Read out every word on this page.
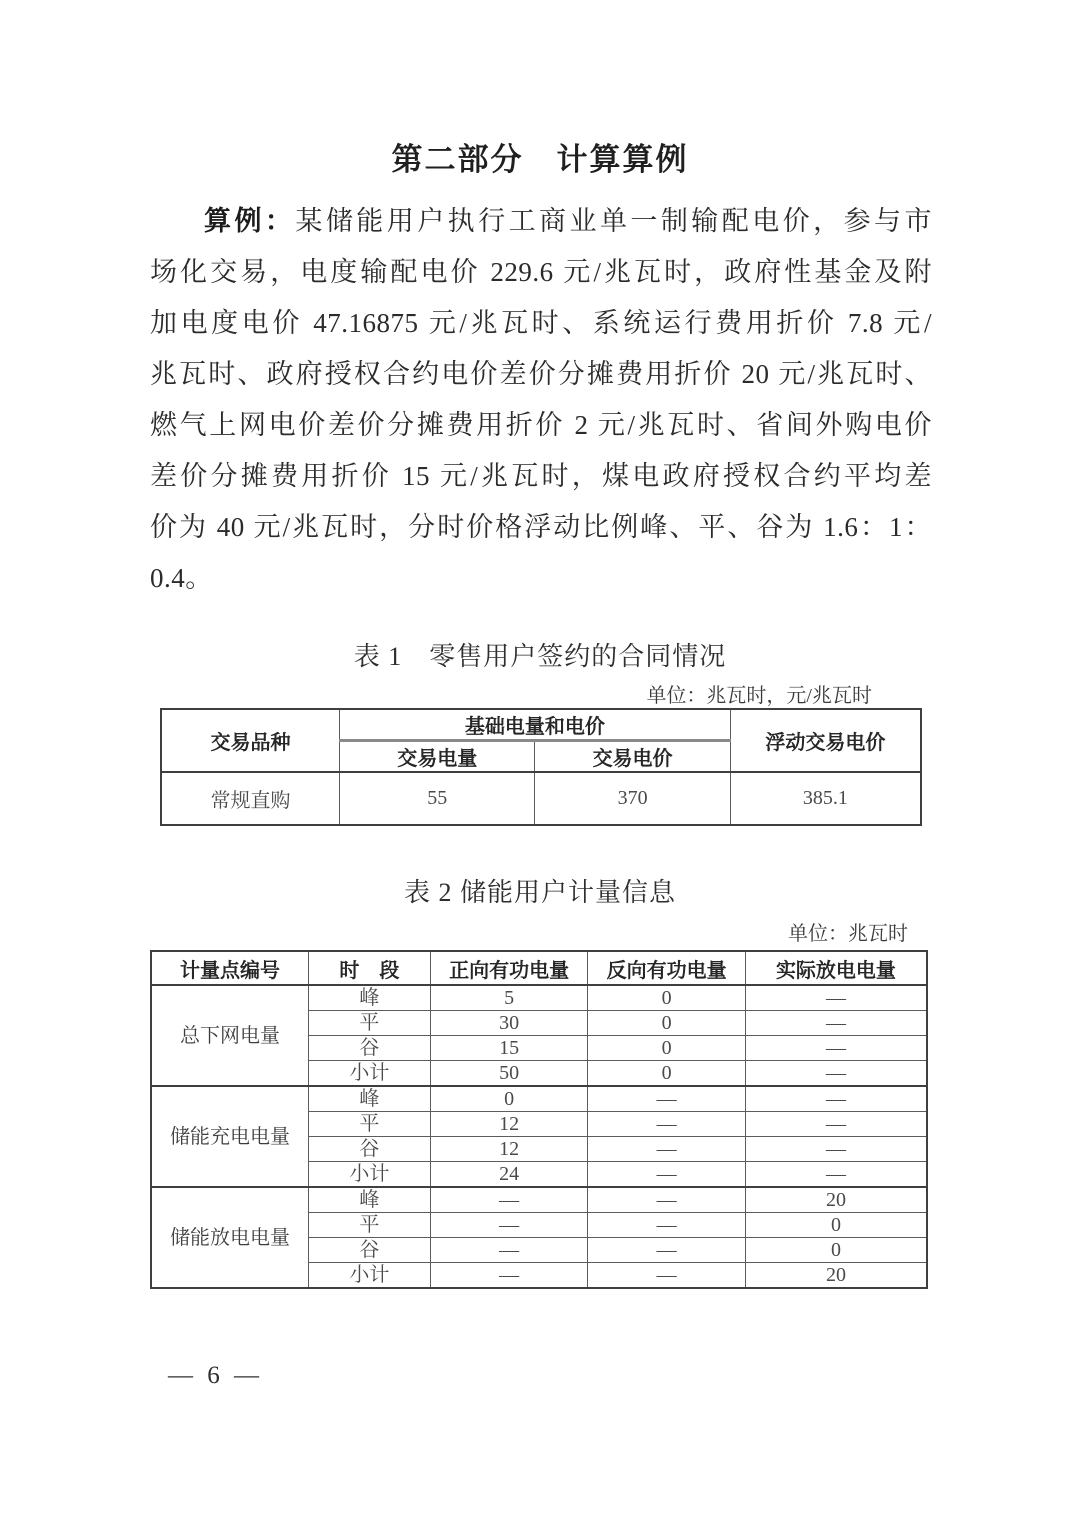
第二部分　计算算例
算例：某储能用户执行工商业单一制输配电价，参与市
场化交易，电度输配电价 229.6 元/兆瓦时，政府性基金及附
加电度电价 47.16875 元/兆瓦时、系统运行费用折价 7.8 元/
兆瓦时、政府授权合约电价差价分摊费用折价 20 元/兆瓦时、
燃气上网电价差价分摊费用折价 2 元/兆瓦时、省间外购电价
差价分摊费用折价 15 元/兆瓦时，煤电政府授权合约平均差
价为 40 元/兆瓦时，分时价格浮动比例峰、平、谷为 1.6：1：
0.4。
表 1　零售用户签约的合同情况
单位：兆瓦时，元/兆瓦时
交易品种	基础电量和电价		浮动交易电价
	交易电量	交易电价	
常规直购	55	370	385.1
表 2 储能用户计量信息
单位：兆瓦时
计量点编号	时　段	正向有功电量	反向有功电量	实际放电电量
总下网电量	峰	5	0	—
	平	30	0	—
	谷	15	0	—
	小计	50	0	—
储能充电电量	峰	0	—	—
	平	12	—	—
	谷	12	—	—
	小计	24	—	—
储能放电电量	峰	—	—	20
	平	—	—	0
	谷	—	—	0
	小计	—	—	20
— 6 —
